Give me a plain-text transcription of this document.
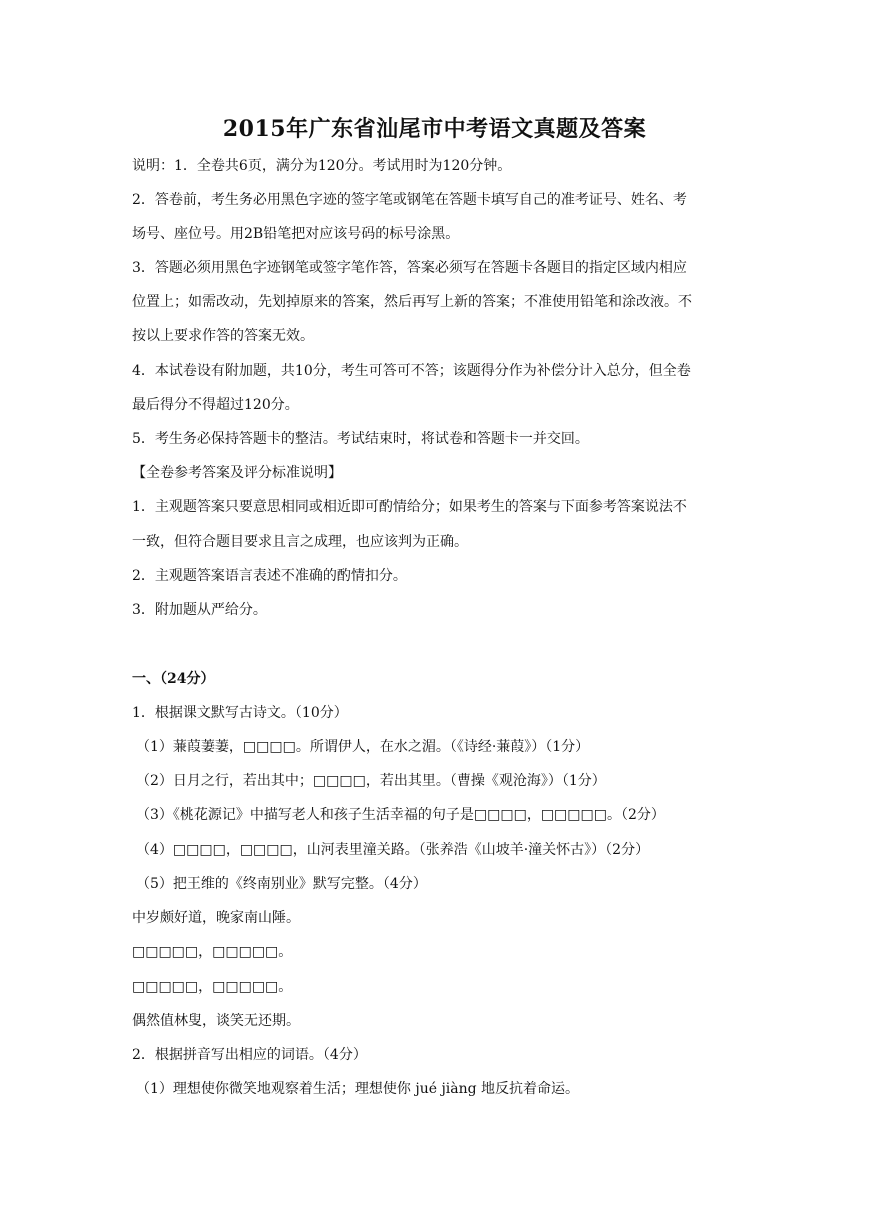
2015年广东省汕尾市中考语文真题及答案
说明：1．全卷共6页，满分为120分。考试用时为120分钟。
2．答卷前，考生务必用黑色字迹的签字笔或钢笔在答题卡填写自己的准考证号、姓名、考
场号、座位号。用2B铅笔把对应该号码的标号涂黑。
3．答题必须用黑色字迹钢笔或签字笔作答，答案必须写在答题卡各题目的指定区域内相应
位置上；如需改动，先划掉原来的答案，然后再写上新的答案；不准使用铅笔和涂改液。不
按以上要求作答的答案无效。
4．本试卷设有附加题，共10分，考生可答可不答；该题得分作为补偿分计入总分，但全卷
最后得分不得超过120分。
5．考生务必保持答题卡的整洁。考试结束时，将试卷和答题卡一并交回。
【全卷参考答案及评分标准说明】
1．主观题答案只要意思相同或相近即可酌情给分；如果考生的答案与下面参考答案说法不
一致，但符合题目要求且言之成理，也应该判为正确。
2．主观题答案语言表述不准确的酌情扣分。
3．附加题从严给分。
一、（24分）
1．根据课文默写古诗文。（10分）
（1）蒹葭萋萋，□□□□。所谓伊人，在水之湄。（《诗经·蒹葭》）（1分）
（2）日月之行，若出其中；□□□□，若出其里。（曹操《观沧海》）（1分）
（3）《桃花源记》中描写老人和孩子生活幸福的句子是□□□□，□□□□□。（2分）
（4）□□□□，□□□□，山河表里潼关路。（张养浩《山坡羊·潼关怀古》）（2分）
（5）把王维的《终南别业》默写完整。（4分）
中岁颇好道，晚家南山陲。
□□□□□，□□□□□。
□□□□□，□□□□□。
偶然值林叟，谈笑无还期。
2．根据拼音写出相应的词语。（4分）
（1）理想使你微笑地观察着生活；理想使你 jué jiàng 地反抗着命运。
